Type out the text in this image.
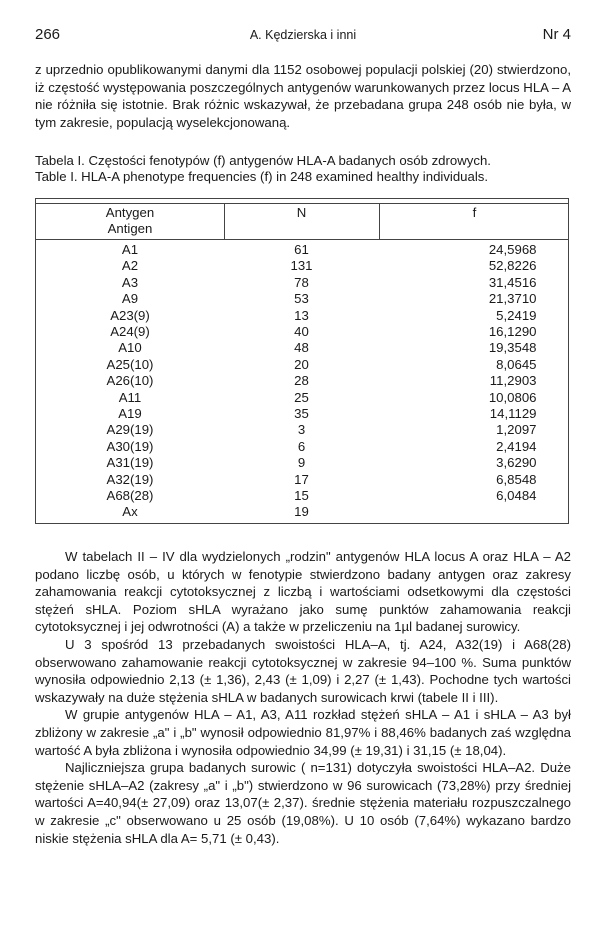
266	A. Kędzierska i inni	Nr 4
z uprzednio opublikowanymi danymi dla 1152 osobowej populacji polskiej (20) stwierdzono, iż częstość występowania poszczególnych antygenów warunkowanych przez locus HLA – A nie różniła się istotnie. Brak różnic wskazywał, że przebadana grupa 248 osób nie była, w tym zakresie, populacją wyselekcjonowaną.
Tabela I. Częstości fenotypów (f) antygenów HLA-A badanych osób zdrowych.
Table I. HLA-A phenotype frequencies (f) in 248 examined healthy individuals.
Antygen	N	f
Antigen
A1	61	24,5968
A2	131	52,8226
A3	78	31,4516
A9	53	21,3710
A23(9)	13	5,2419
A24(9)	40	16,1290
A10	48	19,3548
A25(10)	20	8,0645
A26(10)	28	11,2903
A11	25	10,0806
A19	35	14,1129
A29(19)	3	1,2097
A30(19)	6	2,4194
A31(19)	9	3,6290
A32(19)	17	6,8548
A68(28)	15	6,0484
Ax	19

W tabelach II – IV dla wydzielonych „rodzin" antygenów HLA locus A oraz HLA – A2 podano liczbę osób, u których w fenotypie stwierdzono badany antygen oraz zakresy zahamowania reakcji cytotoksycznej z liczbą i wartościami odsetkowymi dla częstości stężeń sHLA. Poziom sHLA wyrażano jako sumę punktów zahamowania reakcji cytotoksycznej i jej odwrotności (A) a także w przeliczeniu na 1µl badanej surowicy.

U 3 spośród 13 przebadanych swoistości HLA–A, tj. A24, A32(19) i A68(28) obserwowano zahamowanie reakcji cytotoksycznej w zakresie 94–100 %. Suma punktów wynosiła odpowiednio 2,13 (± 1,36), 2,43 (± 1,09) i 2,27 (± 1,43). Pochodne tych wartości wskazywały na duże stężenia sHLA w badanych surowicach krwi (tabele II i III).

W grupie antygenów HLA – A1, A3, A11 rozkład stężeń sHLA – A1 i sHLA – A3 był zbliżony w zakresie „a" i „b" wynosił odpowiednio 81,97% i 88,46% badanych zaś względna wartość A była zbliżona i wynosiła odpowiednio 34,99 (± 19,31) i 31,15 (± 18,04).

Najliczniejsza grupa badanych surowic ( n=131) dotyczyła swoistości HLA–A2. Duże stężenie sHLA–A2 (zakresy „a" i „b") stwierdzono w 96 surowicach (73,28%) przy średniej wartości A=40,94(± 27,09) oraz 13,07(± 2,37). średnie stężenia materiału rozpuszczalnego w zakresie „c" obserwowano u 25 osób (19,08%). U 10 osób (7,64%) wykazano bardzo niskie stężenia sHLA dla A= 5,71 (± 0,43).
